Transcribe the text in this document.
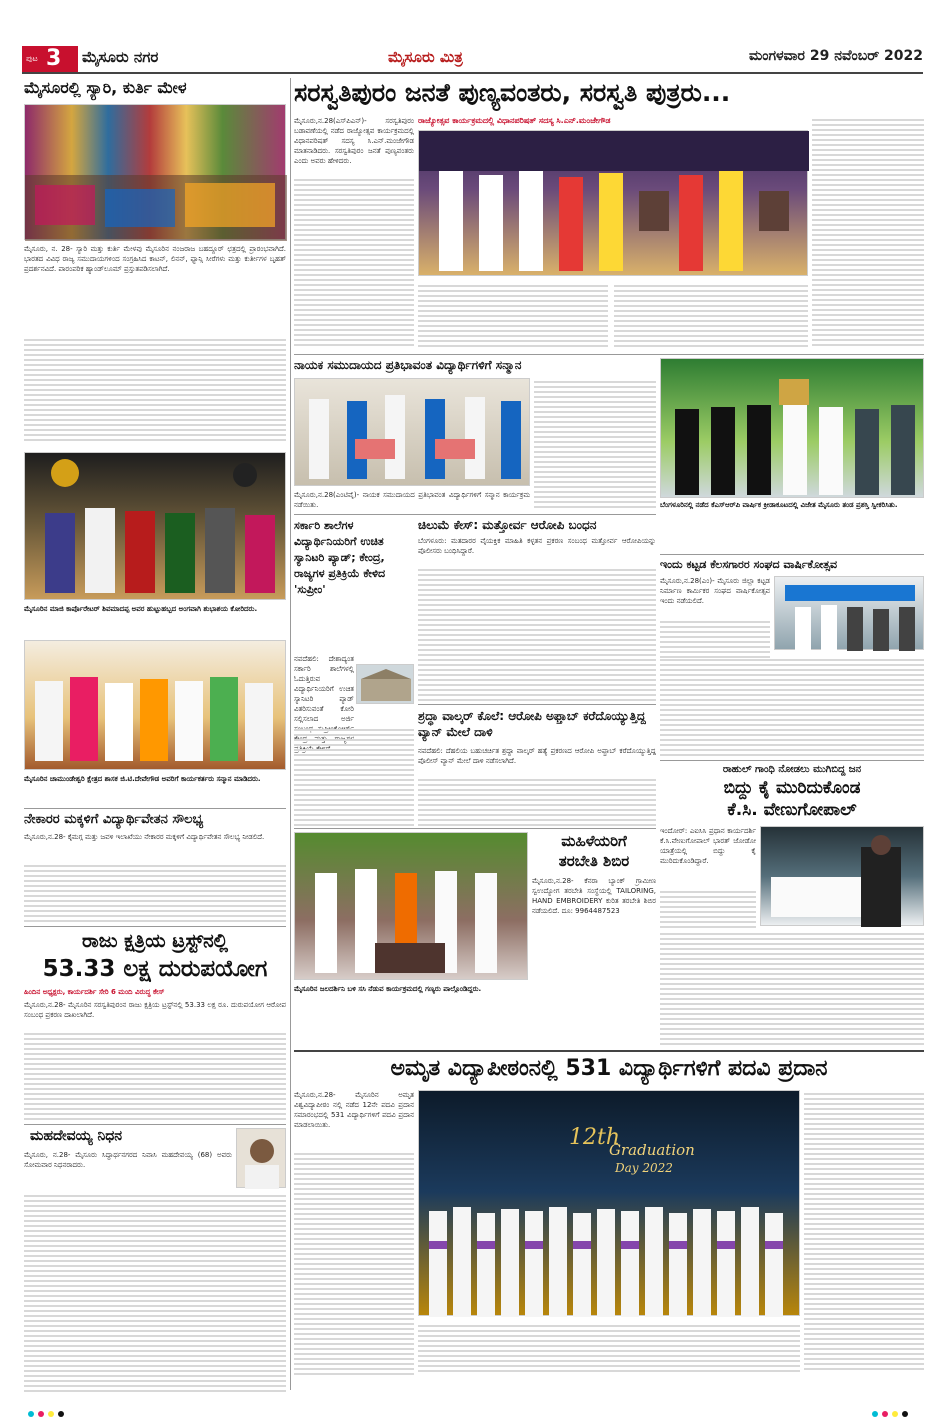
ಪುಟ 3 ಮೈಸೂರು ನಗರ	ಮೈಸೂರು ಮಿತ್ರ	ಮಂಗಳವಾರ 29 ನವೆಂಬರ್ 2022
ಮೈಸೂರಲ್ಲಿ ಸ್ಯಾರಿ, ಕುರ್ತಿ ಮೇಳ
ಮೈಸೂರು, ನ. 28- ಸ್ಯಾರಿ ಮತ್ತು ಕುರ್ತಿ ಮೇಳವು ಮೈಸೂರಿನ ನಂಜರಾಜ ಬಹದ್ದೂರ್ ಛತ್ರದಲ್ಲಿ ಪ್ರಾರಂಭವಾಗಿದೆ. ಭಾರತದ ವಿವಿಧ ರಾಜ್ಯ ಸಮುದಾಯಗಳಿಂದ ಸಂಗ್ರಹಿಸಿದ ಕಾಟನ್, ಲಿನನ್, ಫ್ಯಾನ್ಸಿ ಸೀರೆಗಳು ಮತ್ತು ಕುರ್ತೀಗಳ ಬೃಹತ್ ಪ್ರದರ್ಶನವಿದೆ. ಪಾರಂಪರಿಕ ಹ್ಯಾಂಡ್‌ಲೂಮ್ ಪ್ರಸ್ತುತಪಡಿಸಲಾಗಿದೆ.
ಮೈಸೂರಿನ ಮಾಜಿ ಕಾರ್ಪೊರೇಟರ್ ಶಿವಮಾದಪ್ಪ ಅವರ ಹುಟ್ಟುಹಬ್ಬದ ಅಂಗವಾಗಿ ಶುಭಾಶಯ ಕೋರಿದರು.
ಮೈಸೂರಿನ ಚಾಮುಂಡೇಶ್ವರಿ ಕ್ಷೇತ್ರದ ಶಾಸಕ ಜಿ.ಟಿ.ದೇವೇಗೌಡ ಅವರಿಗೆ ಕಾರ್ಯಕರ್ತರು ಸನ್ಮಾನ ಮಾಡಿದರು.
ನೇಕಾರರ ಮಕ್ಕಳಿಗೆ ವಿದ್ಯಾರ್ಥಿವೇತನ ಸೌಲಭ್ಯ
ಮೈಸೂರು,ನ.28- ಕೈಮಗ್ಗ ಮತ್ತು ಜವಳಿ ಇಲಾಖೆಯು ನೇಕಾರರ ಮಕ್ಕಳಿಗೆ ವಿದ್ಯಾರ್ಥಿವೇತನ ಸೌಲಭ್ಯ ನೀಡಲಿದೆ.
ರಾಜು ಕ್ಷತ್ರಿಯ ಟ್ರಸ್ಟ್‌ನಲ್ಲಿ
53.33 ಲಕ್ಷ ದುರುಪಯೋಗ
ಹಿಂದಿನ ಅಧ್ಯಕ್ಷರು, ಕಾರ್ಯದರ್ಶಿ ಸೇರಿ 6 ಮಂದಿ ವಿರುದ್ಧ ಕೇಸ್
ಮೈಸೂರು,ನ.28- ಮೈಸೂರಿನ ಸರಸ್ವತಿಪುರಂನ ರಾಜು ಕ್ಷತ್ರಿಯ ಟ್ರಸ್ಟ್‌ನಲ್ಲಿ 53.33 ಲಕ್ಷ ರೂ. ದುರುಪಯೋಗ ಆರೋಪ ಸಂಬಂಧ ಪ್ರಕರಣ ದಾಖಲಾಗಿದೆ.
ಮಹದೇವಯ್ಯ ನಿಧನ
ಮೈಸೂರು, ನ.28- ಮೈಸೂರು ಸಿದ್ಧಾರ್ಥನಗರದ ನಿವಾಸಿ ಮಹದೇವಯ್ಯ (68) ಅವರು ಸೋಮವಾರ ನಿಧನರಾದರು.
ಸರಸ್ವತಿಪುರಂ ಜನತೆ ಪುಣ್ಯವಂತರು, ಸರಸ್ವತಿ ಪುತ್ರರು...
ಮೈಸೂರು,ನ.28(ಎಸ್‌ಪಿಎನ್)- ಸರಸ್ವತಿಪುರಂ ಬಡಾವಣೆಯಲ್ಲಿ ನಡೆದ ರಾಜ್ಯೋತ್ಸವ ಕಾರ್ಯಕ್ರಮದಲ್ಲಿ ವಿಧಾನಪರಿಷತ್ ಸದಸ್ಯ ಸಿ.ಎನ್.ಮಂಜೇಗೌಡ ಮಾತನಾಡಿದರು. ಸರಸ್ವತಿಪುರಂ ಜನತೆ ಪುಣ್ಯವಂತರು ಎಂದು ಅವರು ಹೇಳಿದರು.
ರಾಜ್ಯೋತ್ಸವ ಕಾರ್ಯಕ್ರಮದಲ್ಲಿ ವಿಧಾನಪರಿಷತ್ ಸದಸ್ಯ ಸಿ.ಎನ್.ಮಂಜೇಗೌಡ
ನಾಯಕ ಸಮುದಾಯದ ಪ್ರತಿಭಾವಂತ ವಿದ್ಯಾರ್ಥಿಗಳಿಗೆ ಸನ್ಮಾನ
ಮೈಸೂರು,ನ.28(ಎಂಟಿವೈ)- ನಾಯಕ ಸಮುದಾಯದ ಪ್ರತಿಭಾವಂತ ವಿದ್ಯಾರ್ಥಿಗಳಿಗೆ ಸನ್ಮಾನ ಕಾರ್ಯಕ್ರಮ ನಡೆಯಿತು.	ಬೆಂಗಳೂರಿನಲ್ಲಿ ನಡೆದ ಕೆಎಸ್‌ಆರ್‌ಪಿ ವಾರ್ಷಿಕ ಕ್ರೀಡಾಕೂಟದಲ್ಲಿ ವಿಜೇತ ಮೈಸೂರು ತಂಡ ಪ್ರಶಸ್ತಿ ಸ್ವೀಕರಿಸಿತು.
ಸರ್ಕಾರಿ ಶಾಲೆಗಳ ವಿದ್ಯಾರ್ಥಿನಿಯರಿಗೆ ಉಚಿತ ಸ್ಯಾನಿಟರಿ ಪ್ಯಾಡ್; ಕೇಂದ್ರ, ರಾಜ್ಯಗಳ ಪ್ರತಿಕ್ರಿಯೆ ಕೇಳಿದ 'ಸುಪ್ರೀಂ'
ನವದೆಹಲಿ: ದೇಶಾದ್ಯಂತ ಸರ್ಕಾರಿ ಶಾಲೆಗಳಲ್ಲಿ ಓದುತ್ತಿರುವ ವಿದ್ಯಾರ್ಥಿನಿಯರಿಗೆ ಉಚಿತ ಸ್ಯಾನಿಟರಿ ಪ್ಯಾಡ್ ವಿತರಿಸುವಂತೆ ಕೋರಿ ಸಲ್ಲಿಸಲಾದ ಅರ್ಜಿ
ಚಿಲುಮೆ ಕೇಸ್: ಮತ್ತೋರ್ವ ಆರೋಪಿ ಬಂಧನ
ಬೆಂಗಳೂರು: ಮತದಾರರ ವೈಯಕ್ತಿಕ ಮಾಹಿತಿ ಕಳ್ಳತನ ಪ್ರಕರಣ ಸಂಬಂಧ ಮತ್ತೋರ್ವ ಆರೋಪಿಯನ್ನು ಪೊಲೀಸರು ಬಂಧಿಸಿದ್ದಾರೆ.
ಶ್ರದ್ಧಾ ವಾಲ್ಕರ್ ಕೊಲೆ: ಆರೋಪಿ ಅಫ್ತಾಬ್ ಕರೆದೊಯ್ಯುತ್ತಿದ್ದ ವ್ಯಾನ್ ಮೇಲೆ ದಾಳಿ
ನವದೆಹಲಿ: ದೆಹಲಿಯ ಬಹುಚರ್ಚಿತ ಶ್ರದ್ಧಾ ವಾಲ್ಕರ್ ಹತ್ಯೆ ಪ್ರಕರಣದ ಆರೋಪಿ ಅಫ್ತಾಬ್ ಕರೆದೊಯ್ಯುತ್ತಿದ್ದ ಪೊಲೀಸ್ ವ್ಯಾನ್ ಮೇಲೆ ದಾಳಿ ನಡೆಸಲಾಗಿದೆ.
ಇಂದು ಕಟ್ಟಡ ಕೆಲಸಗಾರರ ಸಂಘದ ವಾರ್ಷಿಕೋತ್ಸವ
ಮೈಸೂರು,ನ.28(ಎಂ)- ಮೈಸೂರು ಜಿಲ್ಲಾ ಕಟ್ಟಡ ನಿರ್ಮಾಣ ಕಾರ್ಮಿಕರ ಸಂಘದ ವಾರ್ಷಿಕೋತ್ಸವ ಇಂದು ನಡೆಯಲಿದೆ.
ರಾಹುಲ್ ಗಾಂಧಿ ನೋಡಲು ಮುಗಿಬಿದ್ದ ಜನ
ಬಿದ್ದು ಕೈ ಮುರಿದುಕೊಂಡ
ಕೆ.ಸಿ. ವೇಣುಗೋಪಾಲ್
ಇಂದೋರ್: ಎಐಸಿಸಿ ಪ್ರಧಾನ ಕಾರ್ಯದರ್ಶಿ ಕೆ.ಸಿ.ವೇಣುಗೋಪಾಲ್ ಭಾರತ್ ಜೋಡೋ ಯಾತ್ರೆಯಲ್ಲಿ ಬಿದ್ದು ಕೈ ಮುರಿದುಕೊಂಡಿದ್ದಾರೆ.
ಮೈಸೂರಿನ ಜಲದರ್ಶಿನಿ ಬಳಿ ಸಸಿ ನೆಡುವ ಕಾರ್ಯಕ್ರಮದಲ್ಲಿ ಗಣ್ಯರು ಪಾಲ್ಗೊಂಡಿದ್ದರು.
ಮಹಿಳೆಯರಿಗೆ
ತರಬೇತಿ ಶಿಬಿರ
ಮೈಸೂರು,ನ.28- ಕೆನರಾ ಬ್ಯಾಂಕ್ ಗ್ರಾಮೀಣ ಸ್ವಉದ್ಯೋಗ ತರಬೇತಿ ಸಂಸ್ಥೆಯಲ್ಲಿ TAILORING, HAND EMBROIDERY ಕುರಿತ ತರಬೇತಿ ಶಿಬಿರ ನಡೆಯಲಿದೆ. ದೂ: 9964487523
ಅಮೃತ ವಿದ್ಯಾಪೀಠಂನಲ್ಲಿ 531 ವಿದ್ಯಾರ್ಥಿಗಳಿಗೆ ಪದವಿ ಪ್ರದಾನ
ಮೈಸೂರು,ನ.28- ಮೈಸೂರಿನ ಅಮೃತ ವಿಶ್ವವಿದ್ಯಾಪೀಠಂ ನಲ್ಲಿ ನಡೆದ 12ನೇ ಪದವಿ ಪ್ರದಾನ ಸಮಾರಂಭದಲ್ಲಿ 531 ವಿದ್ಯಾರ್ಥಿಗಳಿಗೆ ಪದವಿ ಪ್ರದಾನ ಮಾಡಲಾಯಿತು.	12th
Graduation
Day 2022
